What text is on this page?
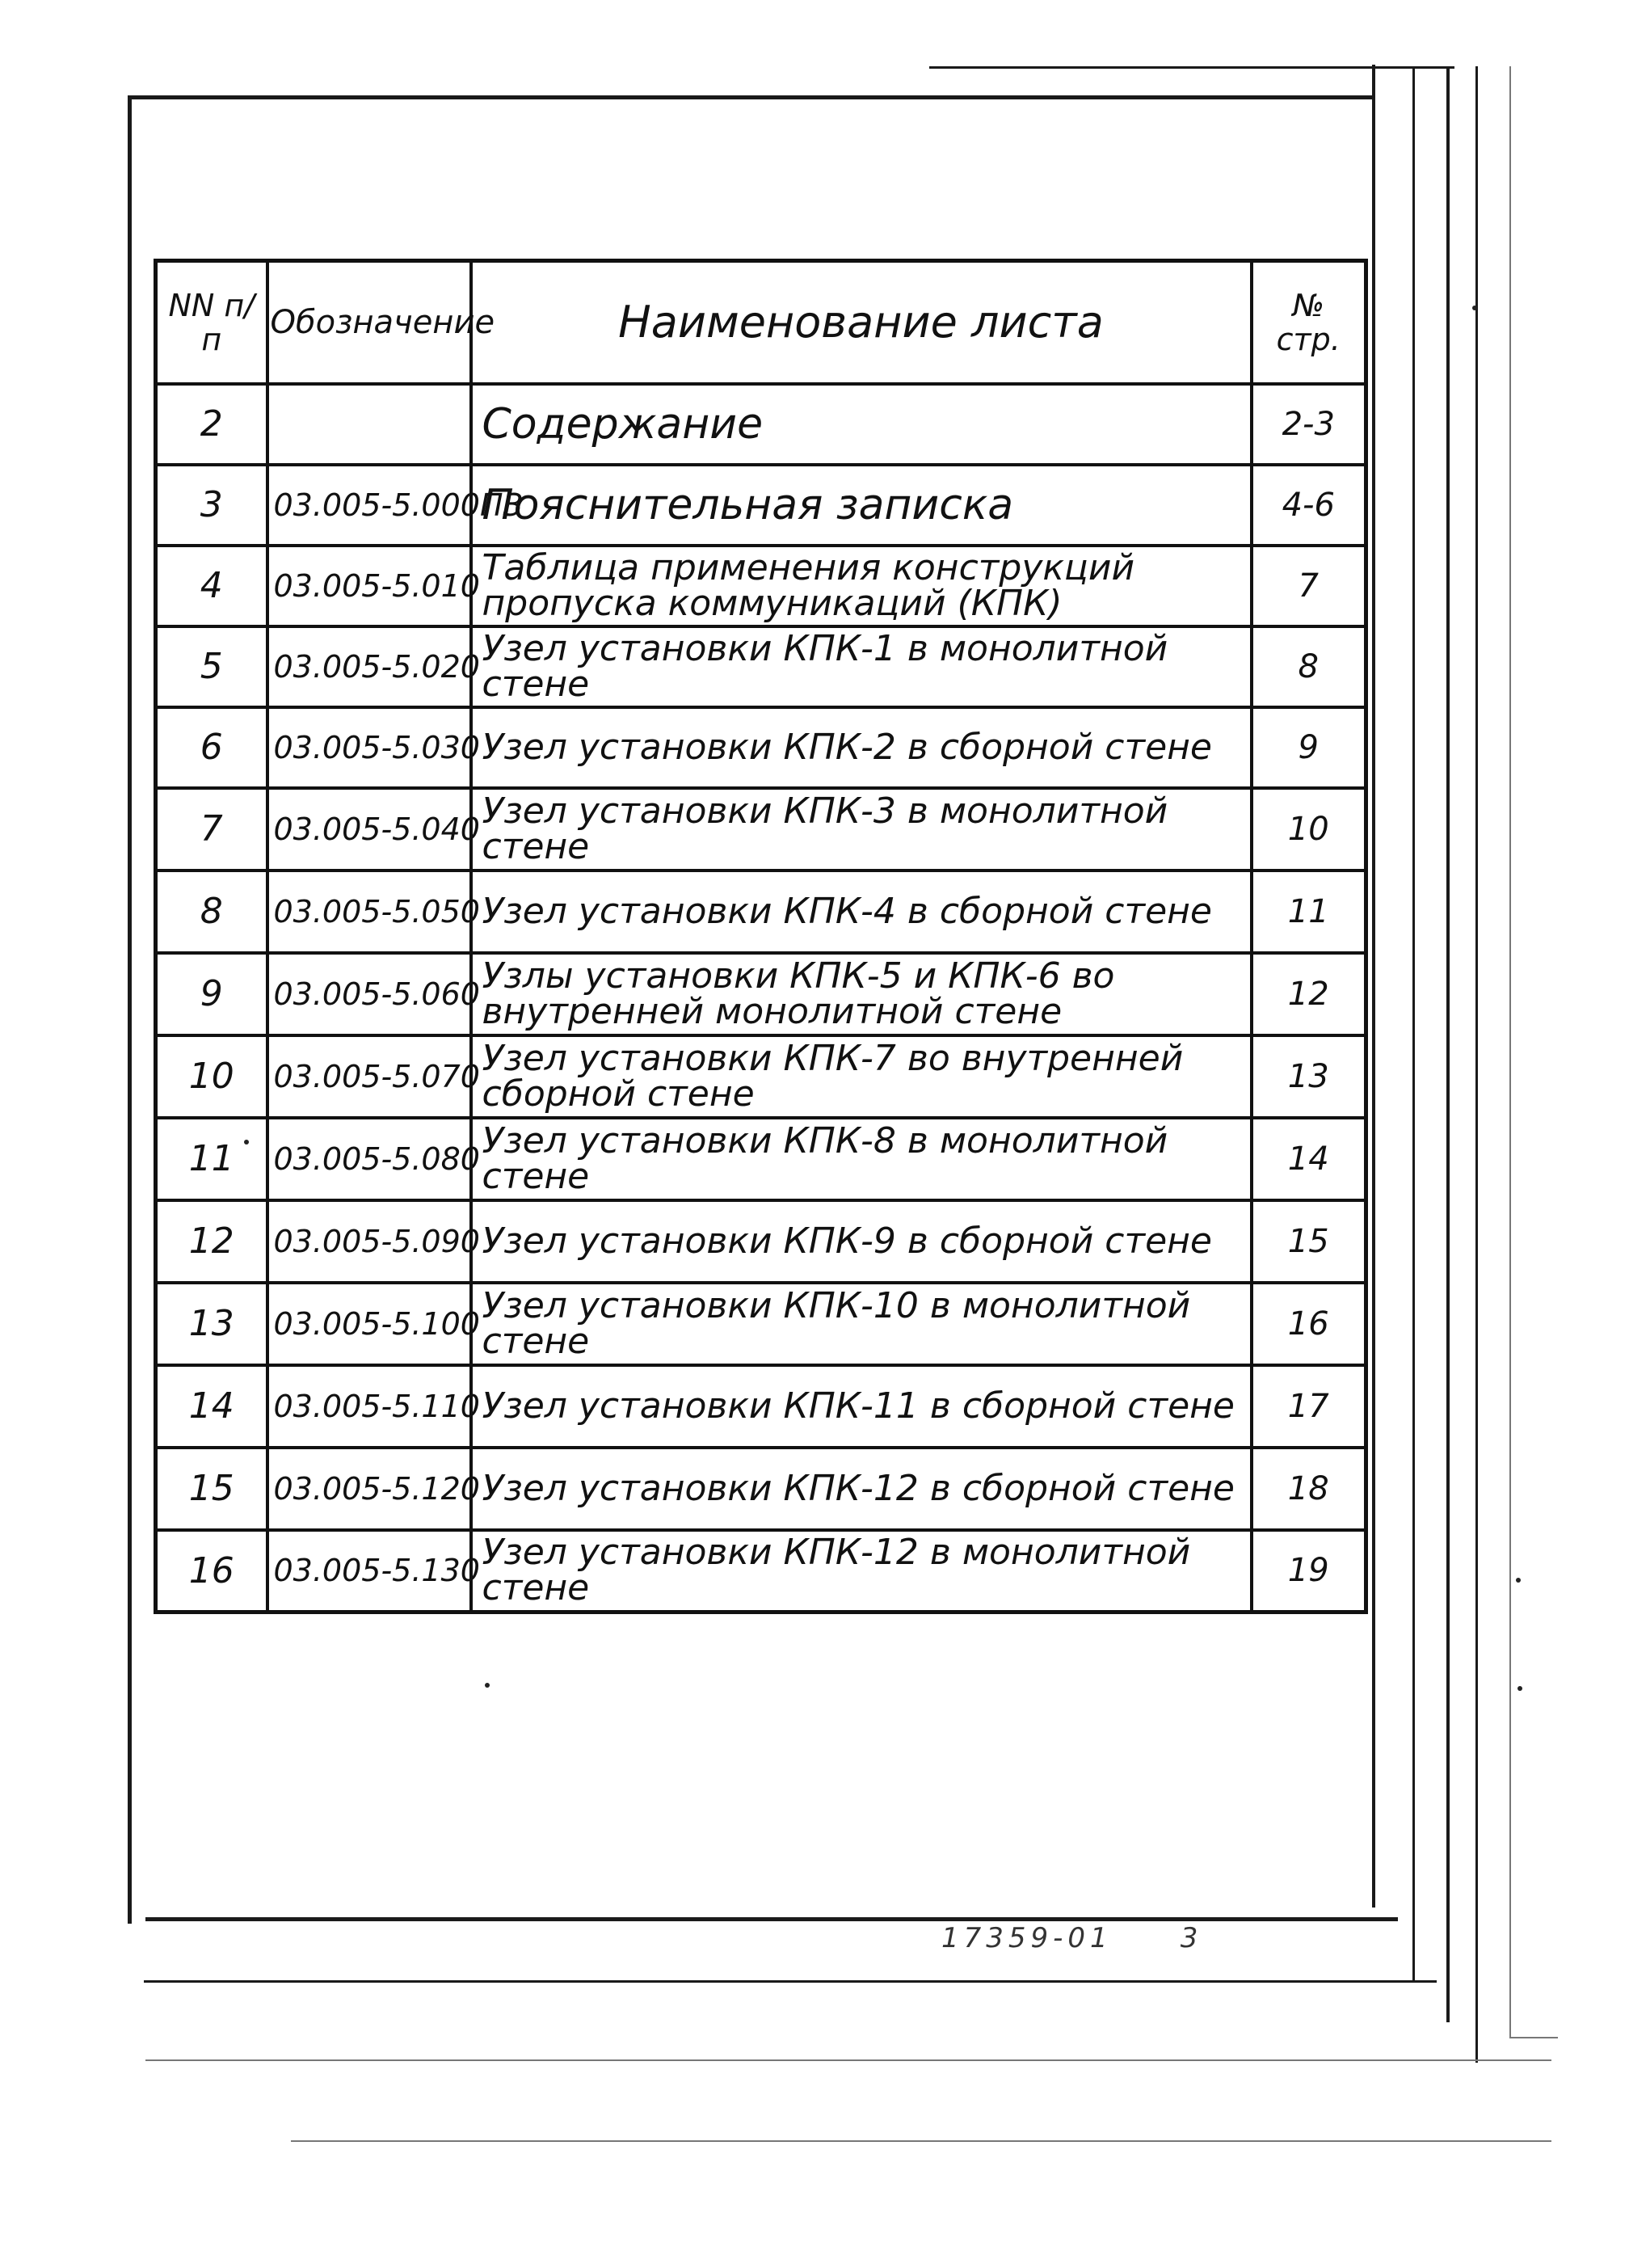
NN п/п	Обозначение	Наименование листа	№ стр.
2		Содержание	2-3
3	03.005-5.000ПЗ	Пояснительная записка	4-6
4	03.005-5.010	Таблица применения конструкций пропуска коммуникаций (КПК)	7
5	03.005-5.020	Узел установки КПК-1 в монолитной стене	8
6	03.005-5.030	Узел установки КПК-2 в сборной стене	9
7	03.005-5.040	Узел установки КПК-3 в монолитной стене	10
8	03.005-5.050	Узел установки КПК-4 в сборной стене	11
9	03.005-5.060	Узлы установки КПК-5 и КПК-6 во внутренней монолитной стене	12
10	03.005-5.070	Узел установки КПК-7 во внутренней сборной стене	13
11	03.005-5.080	Узел установки КПК-8 в монолитной стене	14
12	03.005-5.090	Узел установки КПК-9 в сборной стене	15
13	03.005-5.100	Узел установки КПК-10 в монолитной стене	16
14	03.005-5.110	Узел установки КПК-11 в сборной стене	17
15	03.005-5.120	Узел установки КПК-12 в сборной стене	18
16	03.005-5.130	Узел установки КПК-12 в монолитной стене	19
17359-01 3
